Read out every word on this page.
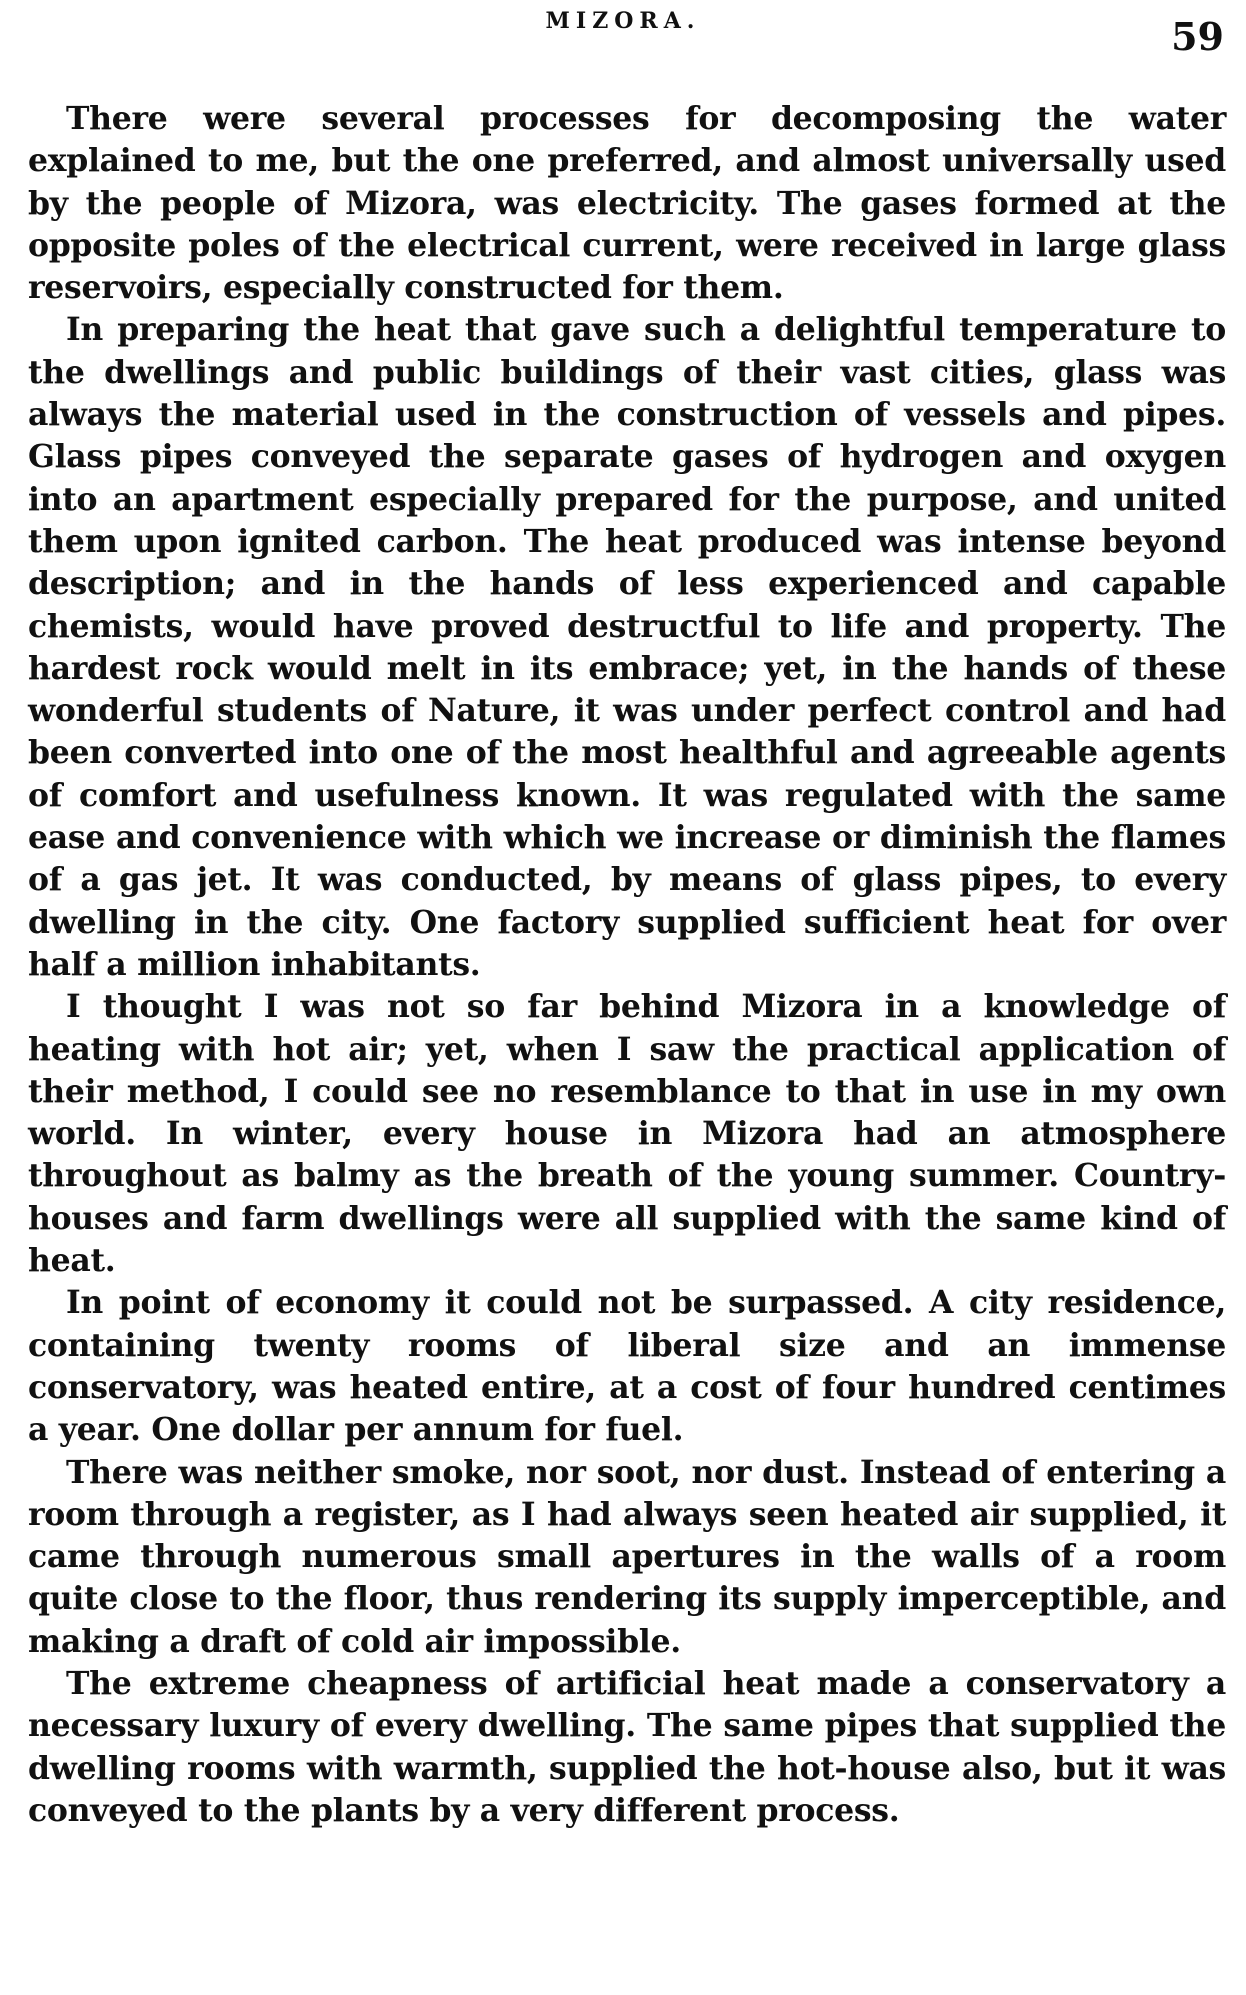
MIZORA.	59

There were several processes for decomposing the water explained to me, but the one preferred, and almost universally used by the people of Mizora, was electricity. The gases formed at the opposite poles of the electrical current, were received in large glass reservoirs, especially constructed for them.

In preparing the heat that gave such a delightful temperature to the dwellings and public buildings of their vast cities, glass was always the material used in the construction of vessels and pipes. Glass pipes conveyed the separate gases of hydrogen and oxygen into an apartment especially prepared for the purpose, and united them upon ignited carbon. The heat produced was intense beyond description; and in the hands of less experienced and capable chemists, would have proved destructful to life and property. The hardest rock would melt in its embrace; yet, in the hands of these wonderful students of Nature, it was under perfect control and had been converted into one of the most healthful and agreeable agents of comfort and usefulness known. It was regulated with the same ease and convenience with which we increase or diminish the flames of a gas jet. It was conducted, by means of glass pipes, to every dwelling in the city. One factory supplied sufficient heat for over half a million inhabitants.

I thought I was not so far behind Mizora in a knowledge of heating with hot air; yet, when I saw the practical application of their method, I could see no resemblance to that in use in my own world. In winter, every house in Mizora had an atmosphere throughout as balmy as the breath of the young summer. Country-houses and farm dwellings were all supplied with the same kind of heat.

In point of economy it could not be surpassed. A city residence, containing twenty rooms of liberal size and an immense conservatory, was heated entire, at a cost of four hundred centimes a year. One dollar per annum for fuel.

There was neither smoke, nor soot, nor dust. Instead of entering a room through a register, as I had always seen heated air supplied, it came through numerous small apertures in the walls of a room quite close to the floor, thus rendering its supply imperceptible, and making a draft of cold air impossible.

The extreme cheapness of artificial heat made a conservatory a necessary luxury of every dwelling. The same pipes that supplied the dwelling rooms with warmth, supplied the hot-house also, but it was conveyed to the plants by a very different process.
